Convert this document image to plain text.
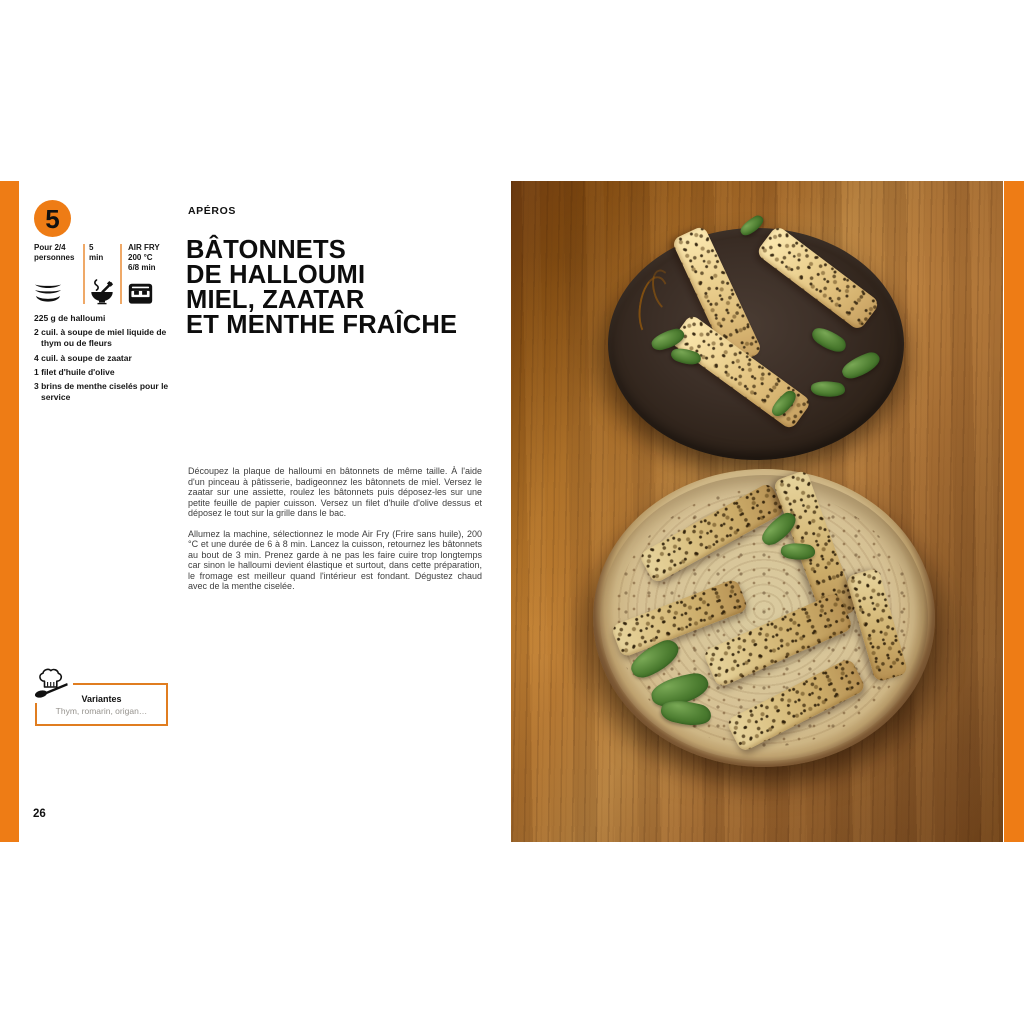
5
Pour 2/4
personnes
5
min
AIR FRY
200 °C
6/8 min
225 g de halloumi
2 cuil. à soupe de miel liquide de thym ou de fleurs
4 cuil. à soupe de zaatar
1 filet d'huile d'olive
3 brins de menthe ciselés pour le service
APÉROS
BÂTONNETS
DE HALLOUMI
MIEL, ZAATAR
ET MENTHE FRAÎCHE

Découpez la plaque de halloumi en bâtonnets de même taille. À l'aide d'un pinceau à pâtisserie, badigeonnez les bâtonnets de miel. Versez le zaatar sur une assiette, roulez les bâtonnets puis déposez-les sur une petite feuille de papier cuisson. Versez un filet d'huile d'olive dessus et déposez le tout sur la grille dans le bac.

Allumez la machine, sélectionnez le mode Air Fry (Frire sans huile), 200 °C et une durée de 6 à 8 min. Lancez la cuisson, retournez les bâtonnets au bout de 3 min. Prenez garde à ne pas les faire cuire trop longtemps car sinon le halloumi devient élastique et surtout, dans cette préparation, le fromage est meilleur quand l'intérieur est fondant. Dégustez chaud avec de la menthe ciselée.

Variantes
Thym, romarin, origan…
26
